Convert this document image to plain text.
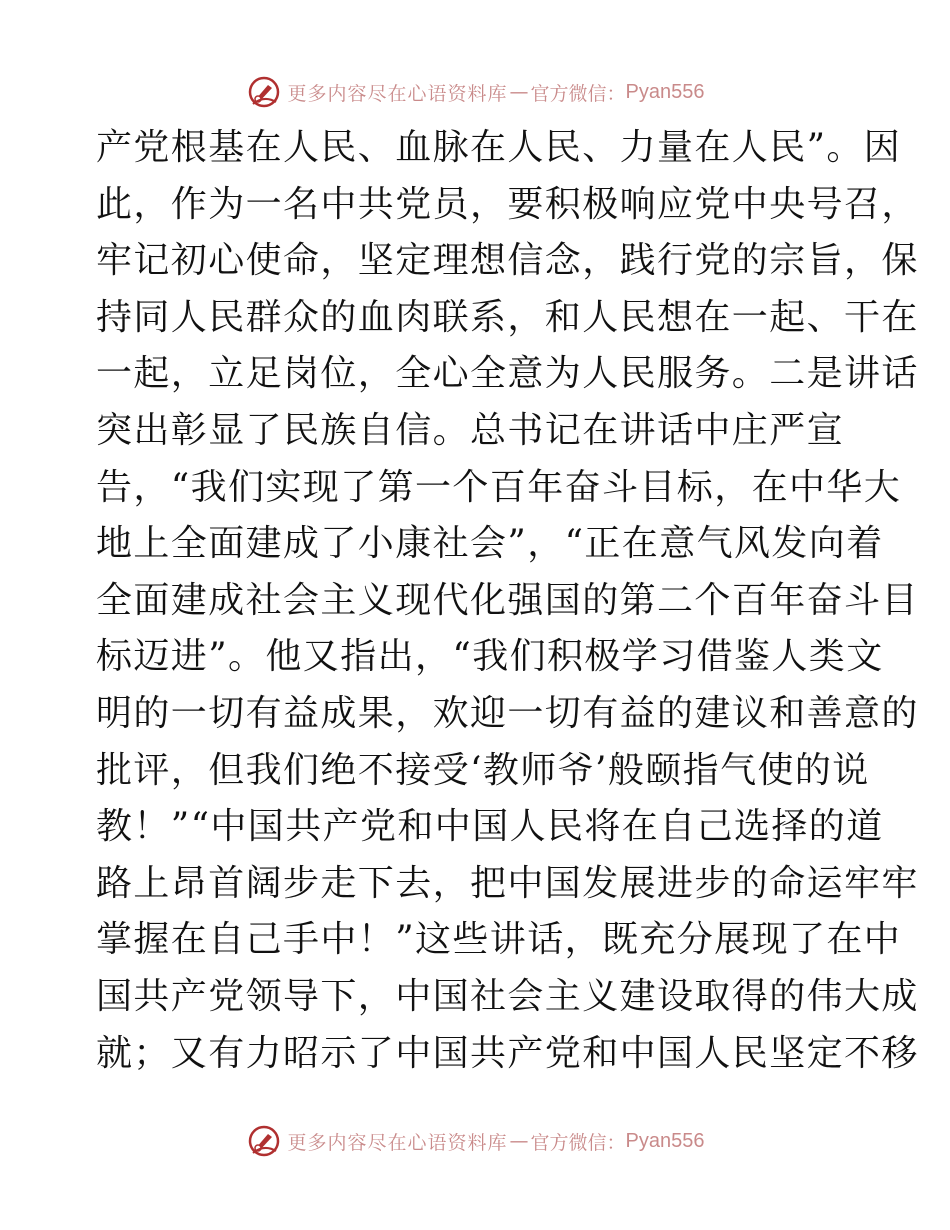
更多内容尽在心语资料库 — 官方微信： Pyan556
产党根基在人民、血脉在人民、力量在人民”。因
此，作为一名中共党员，要积极响应党中央号召，
牢记初心使命，坚定理想信念，践行党的宗旨，保
持同人民群众的血肉联系，和人民想在一起、干在
一起，立足岗位，全心全意为人民服务。二是讲话
突出彰显了民族自信。总书记在讲话中庄严宣
告，“我们实现了第一个百年奋斗目标，在中华大
地上全面建成了小康社会”，“正在意气风发向着
全面建成社会主义现代化强国的第二个百年奋斗目
标迈进”。他又指出，“我们积极学习借鉴人类文
明的一切有益成果，欢迎一切有益的建议和善意的
批评，但我们绝不接受‘教师爷’般颐指气使的说
教！”“中国共产党和中国人民将在自己选择的道
路上昂首阔步走下去，把中国发展进步的命运牢牢
掌握在自己手中！”这些讲话，既充分展现了在中
国共产党领导下，中国社会主义建设取得的伟大成
就；又有力昭示了中国共产党和中国人民坚定不移
更多内容尽在心语资料库 — 官方微信： Pyan556
